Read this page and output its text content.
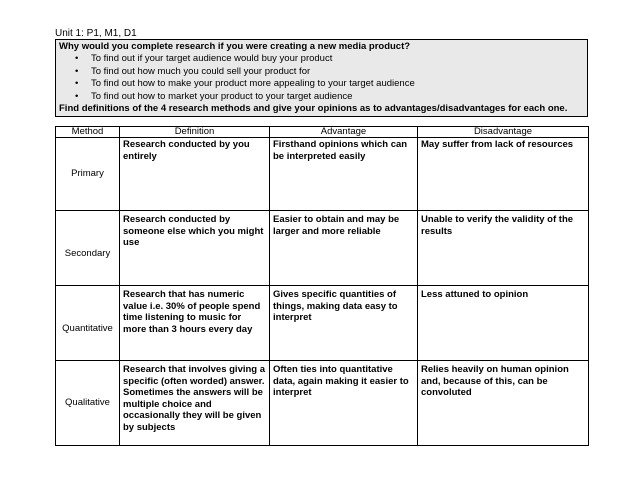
Unit 1: P1, M1, D1
Why would you complete research if you were creating a new media product?
• To find out if your target audience would buy your product
• To find out how much you could sell your product for
• To find out how to make your product more appealing to your target audience
• To find out how to market your product to your target audience
Find definitions of the 4 research methods and give your opinions as to advantages/disadvantages for each one.
Method	Definition	Advantage	Disadvantage
Primary	Research conducted by you entirely	Firsthand opinions which can be interpreted easily	May suffer from lack of resources
Secondary	Research conducted by someone else which you might use	Easier to obtain and may be larger and more reliable	Unable to verify the validity of the results

Quantitative	Research that has numeric value i.e. 30% of people spend time listening to music for more than 3 hours every day	Gives specific quantities of things, making data easy to interpret	Less attuned to opinion

Qualitative	Research that involves giving a specific (often worded) answer. Sometimes the answers will be multiple choice and occasionally they will be given by subjects	Often ties into quantitative data, again making it easier to interpret	Relies heavily on human opinion and, because of this, can be convoluted
